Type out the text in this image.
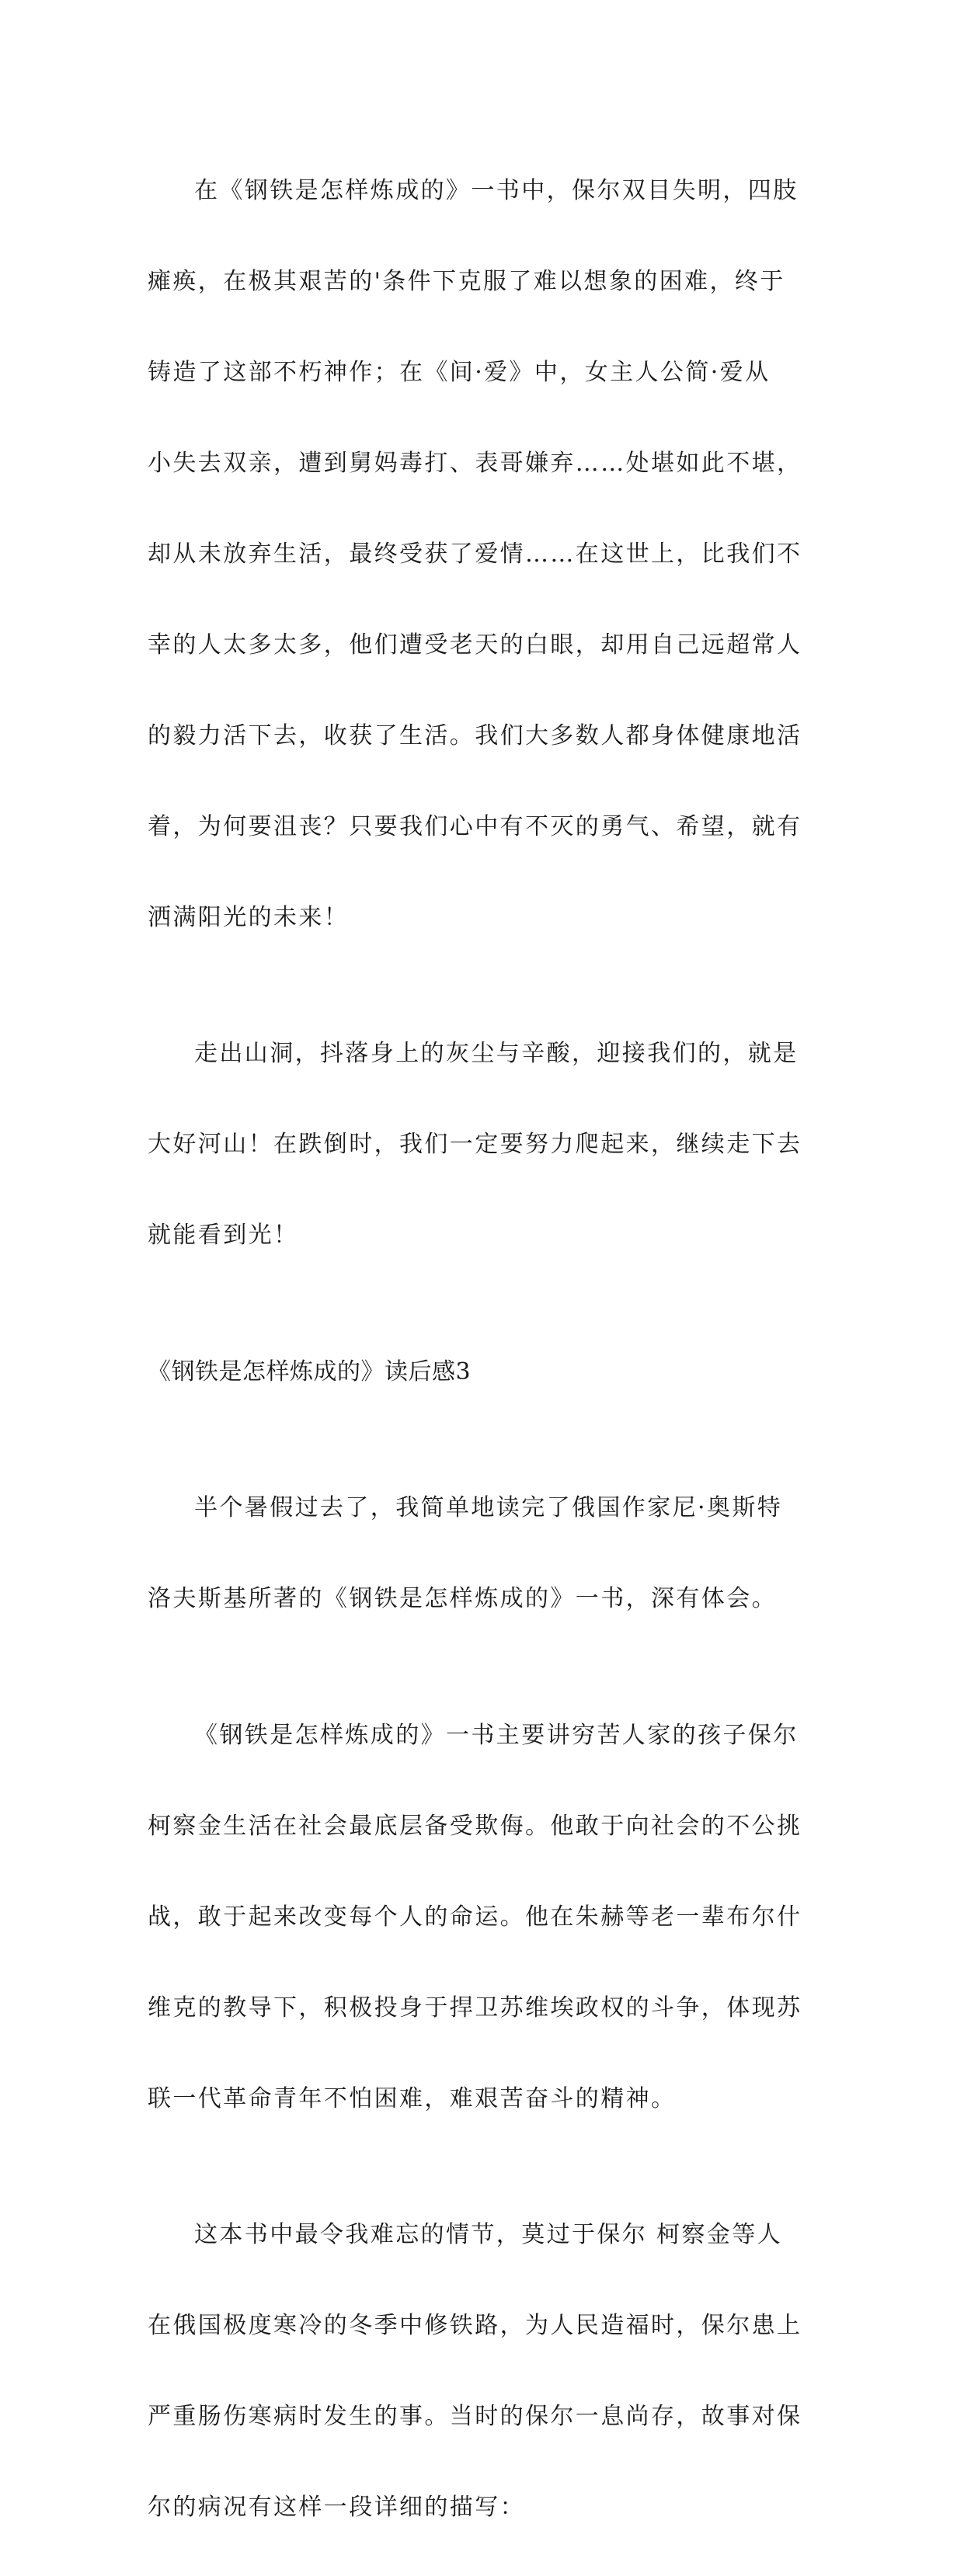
在《钢铁是怎样炼成的》一书中，保尔双目失明，四肢

瘫痪，在极其艰苦的'条件下克服了难以想象的困难，终于

铸造了这部不朽神作；在《间·爱》中，女主人公简·爱从

小失去双亲，遭到舅妈毒打、表哥嫌弃……处堪如此不堪，

却从未放弃生活，最终受获了爱情……在这世上，比我们不

幸的人太多太多，他们遭受老天的白眼，却用自己远超常人

的毅力活下去，收获了生活。我们大多数人都身体健康地活

着，为何要沮丧？只要我们心中有不灭的勇气、希望，就有

洒满阳光的未来！

走出山洞，抖落身上的灰尘与辛酸，迎接我们的，就是

大好河山！在跌倒时，我们一定要努力爬起来，继续走下去

就能看到光！

《钢铁是怎样炼成的》读后感3

半个暑假过去了，我简单地读完了俄国作家尼·奥斯特

洛夫斯基所著的《钢铁是怎样炼成的》一书，深有体会。

《钢铁是怎样炼成的》一书主要讲穷苦人家的孩子保尔

柯察金生活在社会最底层备受欺侮。他敢于向社会的不公挑

战，敢于起来改变每个人的命运。他在朱赫等老一辈布尔什

维克的教导下，积极投身于捍卫苏维埃政权的斗争，体现苏

联一代革命青年不怕困难，难艰苦奋斗的精神。

这本书中最令我难忘的情节，莫过于保尔 柯察金等人

在俄国极度寒冷的冬季中修铁路，为人民造福时，保尔患上

严重肠伤寒病时发生的事。当时的保尔一息尚存，故事对保

尔的病况有这样一段详细的描写：
